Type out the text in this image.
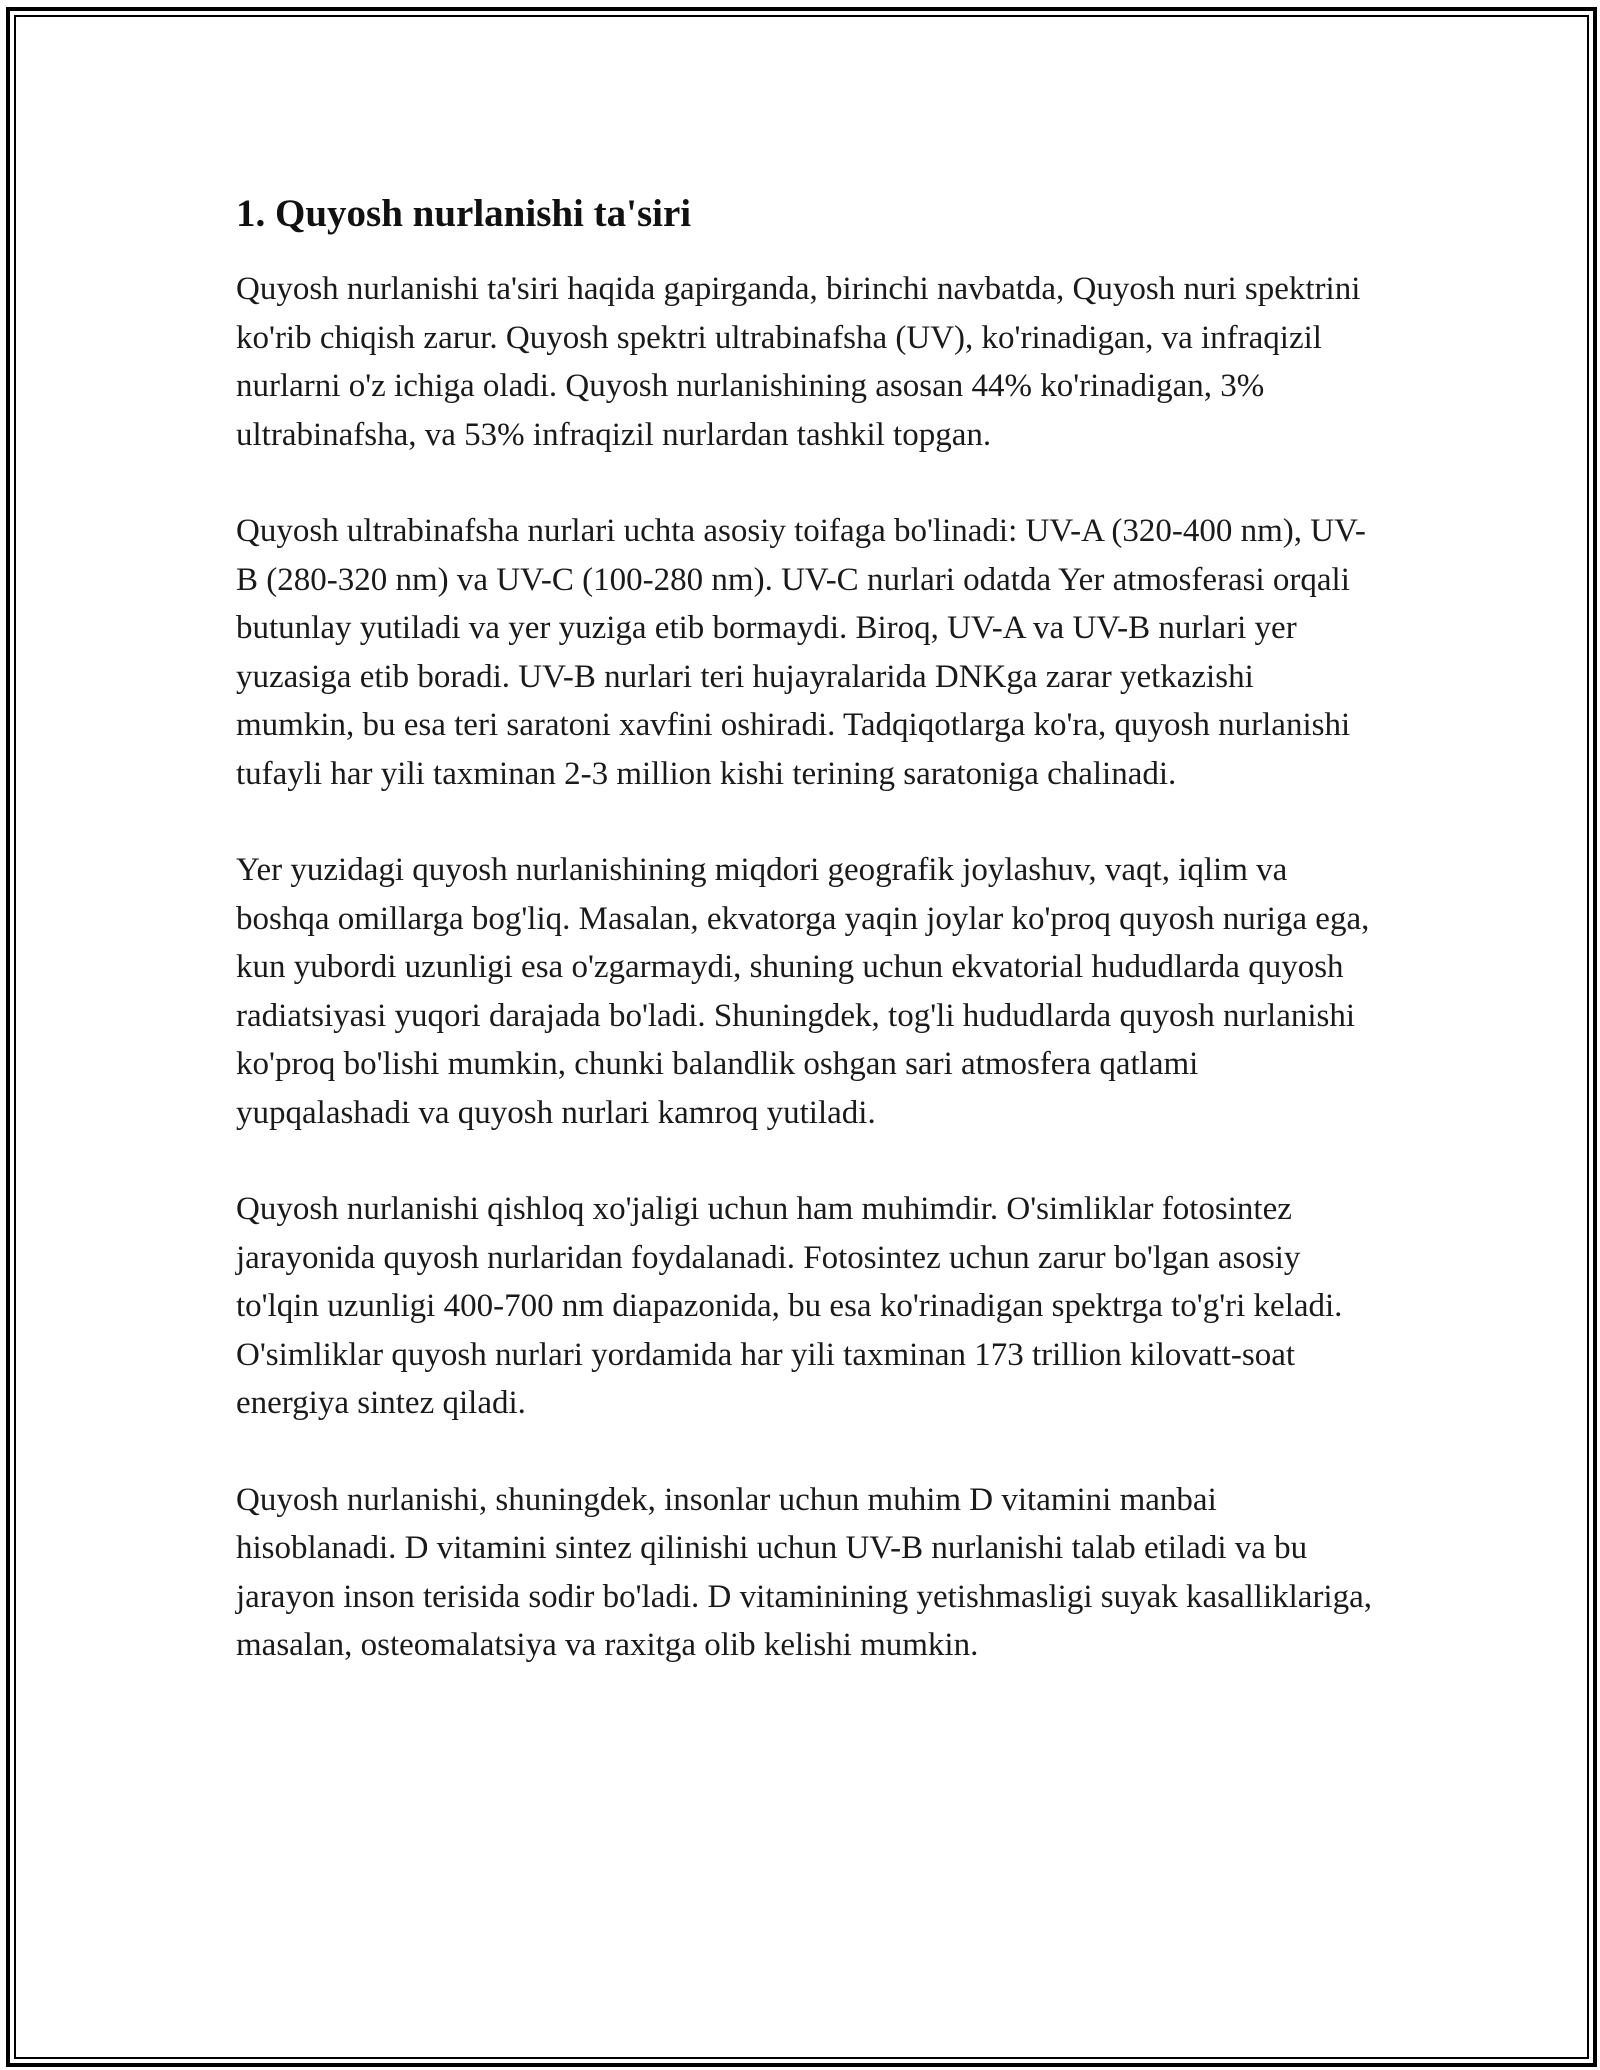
1. Quyosh nurlanishi ta'siri

Quyosh nurlanishi ta'siri haqida gapirganda, birinchi navbatda, Quyosh nuri spektrini ko'rib chiqish zarur. Quyosh spektri ultrabinafsha (UV), ko'rinadigan, va infraqizil nurlarni o'z ichiga oladi. Quyosh nurlanishining asosan 44% ko'rinadigan, 3% ultrabinafsha, va 53% infraqizil nurlardan tashkil topgan.

Quyosh ultrabinafsha nurlari uchta asosiy toifaga bo'linadi: UV-A (320-400 nm), UV-B (280-320 nm) va UV-C (100-280 nm). UV-C nurlari odatda Yer atmosferasi orqali butunlay yutiladi va yer yuziga etib bormaydi. Biroq, UV-A va UV-B nurlari yer yuzasiga etib boradi. UV-B nurlari teri hujayralarida DNKga zarar yetkazishi mumkin, bu esa teri saratoni xavfini oshiradi. Tadqiqotlarga ko'ra, quyosh nurlanishi tufayli har yili taxminan 2-3 million kishi terining saratoniga chalinadi.

Yer yuzidagi quyosh nurlanishining miqdori geografik joylashuv, vaqt, iqlim va boshqa omillarga bog'liq. Masalan, ekvatorga yaqin joylar ko'proq quyosh nuriga ega, kun yubordi uzunligi esa o'zgarmaydi, shuning uchun ekvatorial hududlarda quyosh radiatsiyasi yuqori darajada bo'ladi. Shuningdek, tog'li hududlarda quyosh nurlanishi ko'proq bo'lishi mumkin, chunki balandlik oshgan sari atmosfera qatlami yupqalashadi va quyosh nurlari kamroq yutiladi.

Quyosh nurlanishi qishloq xo'jaligi uchun ham muhimdir. O'simliklar fotosintez jarayonida quyosh nurlaridan foydalanadi. Fotosintez uchun zarur bo'lgan asosiy to'lqin uzunligi 400-700 nm diapazonida, bu esa ko'rinadigan spektrga to'g'ri keladi. O'simliklar quyosh nurlari yordamida har yili taxminan 173 trillion kilovatt-soat energiya sintez qiladi.

Quyosh nurlanishi, shuningdek, insonlar uchun muhim D vitamini manbai hisoblanadi. D vitamini sintez qilinishi uchun UV-B nurlanishi talab etiladi va bu jarayon inson terisida sodir bo'ladi. D vitaminining yetishmasligi suyak kasalliklariga, masalan, osteomalatsiya va raxitga olib kelishi mumkin.
